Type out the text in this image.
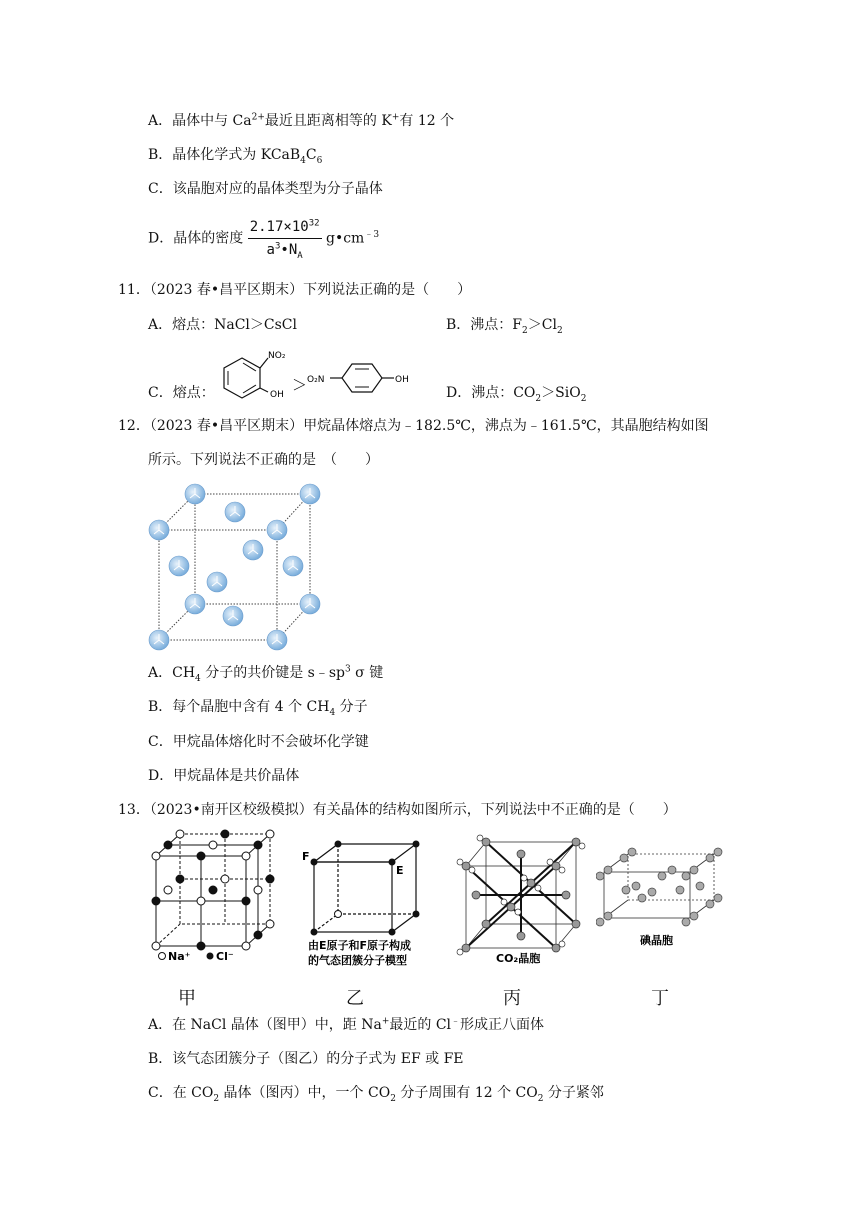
A．晶体中与 $Ca^{2+}$最近且距离相等的 K+有 12 个
B．晶体化学式为 $KCaB_4C_6$
C．该晶胞对应的晶体类型为分子晶体
D．晶体的密度 $\frac{2.17\times 10^{32}}{a^3•N_A}$ $g•cm^{﹣3}$
11．（2023 春•昌平区期末）下列说法正确的是（　　）
A．熔点：NaCl＞CsCl	B．沸点：$F_2>Cl_2$
C．熔点：
NO₂
OH
＞ O₂N	OH
D．沸点：$CO_2>SiO_2$
12．（2023 春•昌平区期末）甲烷晶体熔点为﹣182.5℃，沸点为﹣161.5℃，其晶胞结构如图
所示。下列说法不正确的是　（　　）
A．$CH_4$ 分子的共价键是 $s﹣sp^3$ σ 键
B．每个晶胞中含有 4 个 $CH_4$ 分子
C．甲烷晶体熔化时不会破坏化学键
D．甲烷晶体是共价晶体
13．（2023•南开区校级模拟）有关晶体的结构如图所示，下列说法中不正确的是（　　）
Na⁺ Cl⁻
F
E
由E原子和F原子构成
的气态团簇分子模型	CO₂晶胞
碘晶胞
甲	乙	丙	丁
A．在 NaCl 晶体（图甲）中，距 Na+最近的 Cl﹣形成正八面体
B．该气态团簇分子（图乙）的分子式为 EF 或 FE
C．在 $CO_2$ 晶体（图丙）中，一个 $CO_2$ 分子周围有 12 个 $CO_2$ 分子紧邻
